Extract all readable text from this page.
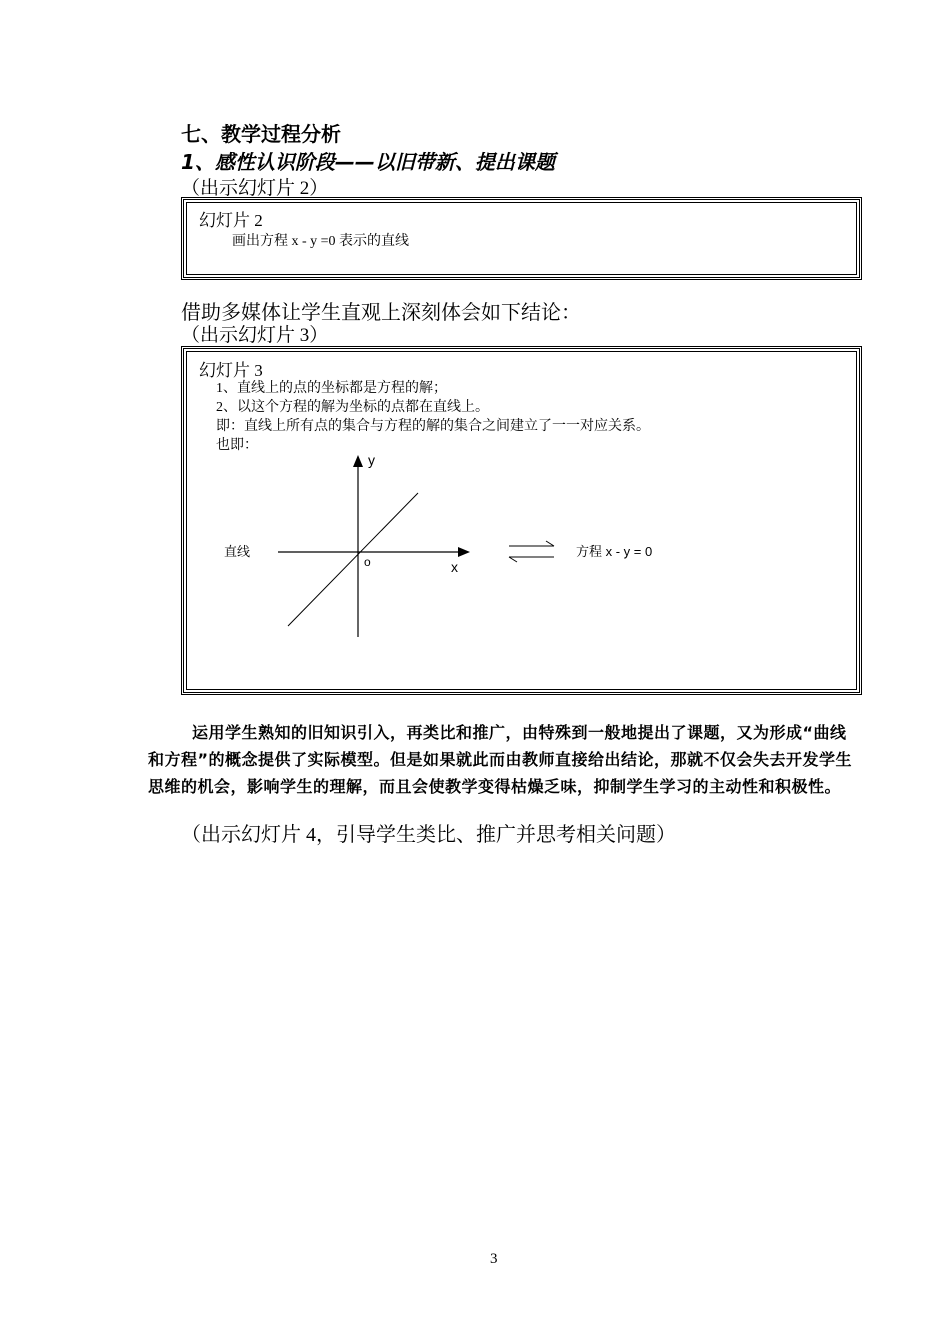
七、教学过程分析
1、感性认识阶段——以旧带新、提出课题
（出示幻灯片 2）
幻灯片 2
画出方程 x - y =0 表示的直线
借助多媒体让学生直观上深刻体会如下结论：
（出示幻灯片 3）
幻灯片 3
1、直线上的点的坐标都是方程的解；
2、以这个方程的解为坐标的点都在直线上。
即：直线上所有点的集合与方程的解的集合之间建立了一一对应关系。
也即：
y
x
o
直线	方程 x - y = 0
运用学生熟知的旧知识引入，再类比和推广，由特殊到一般地提出了课题，又为形成“曲线和方程”的概念提供了实际模型。但是如果就此而由教师直接给出结论，那就不仅会失去开发学生思维的机会，影响学生的理解，而且会使教学变得枯燥乏味，抑制学生学习的主动性和积极性。
（出示幻灯片 4，引导学生类比、推广并思考相关问题）
3
